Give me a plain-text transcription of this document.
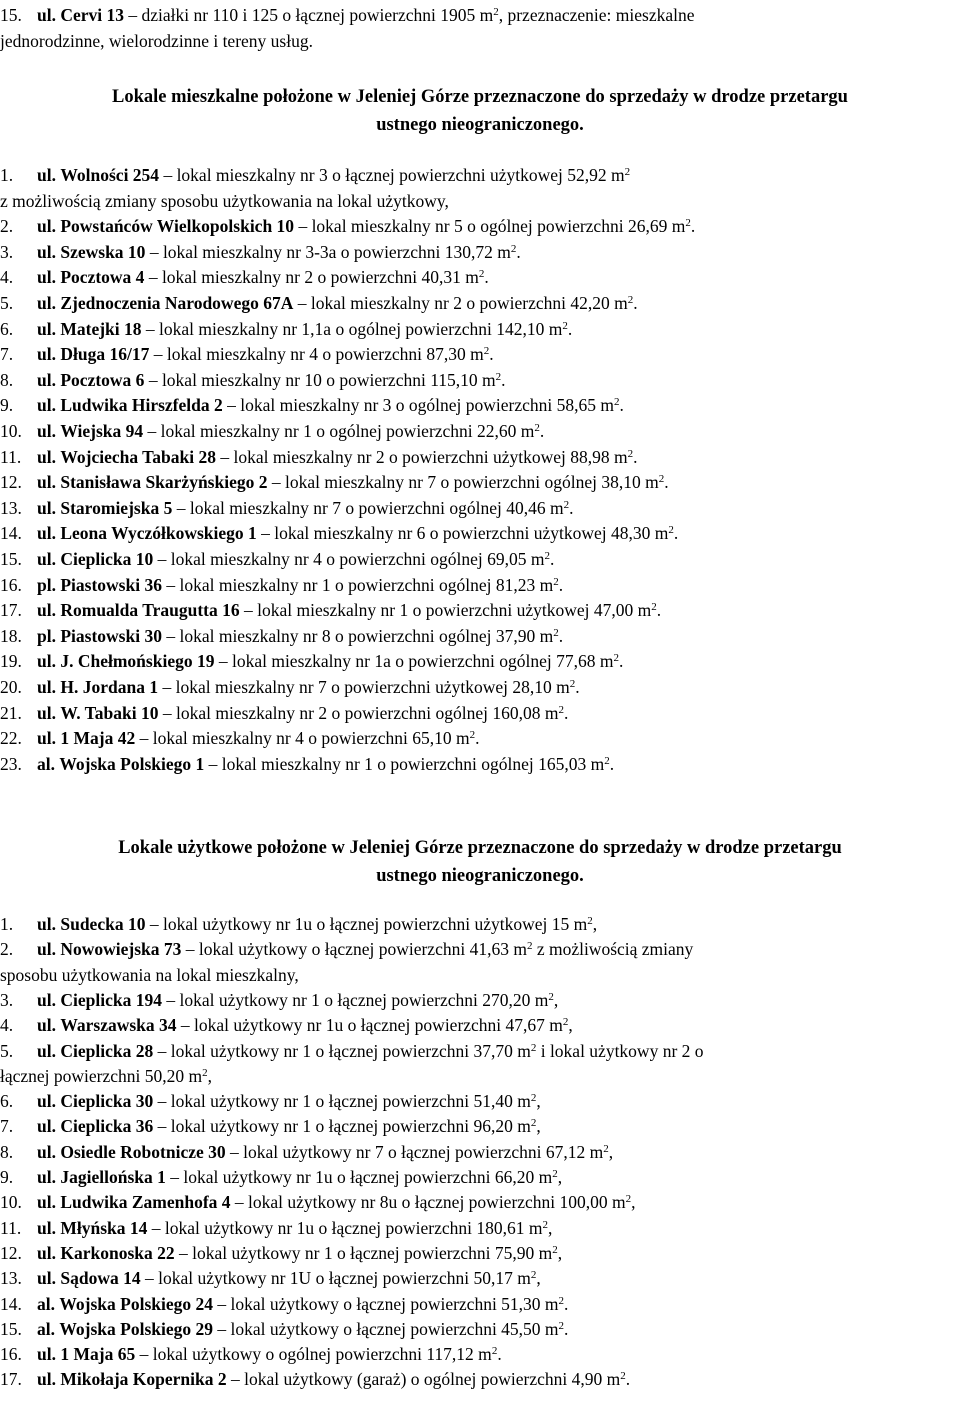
15. ul. Cervi 13 – działki nr 110 i 125 o łącznej powierzchni 1905 $m^2$, przeznaczenie: mieszkalne
jednorodzinne, wielorodzinne i tereny usług.
Lokale mieszkalne położone w Jeleniej Górze przeznaczone do sprzedaży w drodze przetargu
ustnego nieograniczonego.
1. ul. Wolności 254 – lokal mieszkalny nr 3 o łącznej powierzchni użytkowej 52,92 $m^2$
z możliwością zmiany sposobu użytkowania na lokal użytkowy,
2. ul. Powstańców Wielkopolskich 10 – lokal mieszkalny nr 5 o ogólnej powierzchni 26,69 $m^2$.
3. ul. Szewska 10 – lokal mieszkalny nr 3-3a o powierzchni 130,72 $m^2$.
4. ul. Pocztowa 4 – lokal mieszkalny nr 2 o powierzchni 40,31 $m^2$.
5. ul. Zjednoczenia Narodowego 67A – lokal mieszkalny nr 2 o powierzchni 42,20 $m^2$.
6. ul. Matejki 18 – lokal mieszkalny nr 1,1a o ogólnej powierzchni 142,10 $m^2$.
7. ul. Długa 16/17 – lokal mieszkalny nr 4 o powierzchni 87,30 $m^2$.
8. ul. Pocztowa 6 – lokal mieszkalny nr 10 o powierzchni 115,10 $m^2$.
9. ul. Ludwika Hirszfelda 2 – lokal mieszkalny nr 3 o ogólnej powierzchni 58,65 $m^2$.
10. ul. Wiejska 94 – lokal mieszkalny nr 1 o ogólnej powierzchni 22,60 $m^2$.
11. ul. Wojciecha Tabaki 28 – lokal mieszkalny nr 2 o powierzchni użytkowej 88,98 $m^2$.
12. ul. Stanisława Skarżyńskiego 2 – lokal mieszkalny nr 7 o powierzchni ogólnej 38,10 $m^2$.
13. ul. Staromiejska 5 – lokal mieszkalny nr 7 o powierzchni ogólnej 40,46 $m^2$.
14. ul. Leona Wyczółkowskiego 1 – lokal mieszkalny nr 6 o powierzchni użytkowej 48,30 $m^2$.
15. ul. Cieplicka 10 – lokal mieszkalny nr 4 o powierzchni ogólnej 69,05 $m^2$.
16. pl. Piastowski 36 – lokal mieszkalny nr 1 o powierzchni ogólnej 81,23 $m^2$.
17. ul. Romualda Traugutta 16 – lokal mieszkalny nr 1 o powierzchni użytkowej 47,00 $m^2$.
18. pl. Piastowski 30 – lokal mieszkalny nr 8 o powierzchni ogólnej 37,90 $m^2$.
19. ul. J. Chełmońskiego 19 – lokal mieszkalny nr 1a o powierzchni ogólnej 77,68 $m^2$.
20. ul. H. Jordana 1 – lokal mieszkalny nr 7 o powierzchni użytkowej 28,10 $m^2$.
21. ul. W. Tabaki 10 – lokal mieszkalny nr 2 o powierzchni ogólnej 160,08 $m^2$.
22. ul. 1 Maja 42 – lokal mieszkalny nr 4 o powierzchni 65,10 $m^2$.
23. al. Wojska Polskiego 1 – lokal mieszkalny nr 1 o powierzchni ogólnej 165,03 $m^2$.
Lokale użytkowe położone w Jeleniej Górze przeznaczone do sprzedaży w drodze przetargu
ustnego nieograniczonego.
1. ul. Sudecka 10 – lokal użytkowy nr 1u o łącznej powierzchni użytkowej 15 $m^2$,
2. ul. Nowowiejska 73 – lokal użytkowy o łącznej powierzchni 41,63 $m^2$ z możliwością zmiany
sposobu użytkowania na lokal mieszkalny,
3. ul. Cieplicka 194 – lokal użytkowy nr 1 o łącznej powierzchni 270,20 $m^2$,
4. ul. Warszawska 34 – lokal użytkowy nr 1u o łącznej powierzchni 47,67 $m^2$,
5. ul. Cieplicka 28 – lokal użytkowy nr 1 o łącznej powierzchni 37,70 $m^2$ i lokal użytkowy nr 2 o
łącznej powierzchni 50,20 $m^2$,
6. ul. Cieplicka 30 – lokal użytkowy nr 1 o łącznej powierzchni 51,40 $m^2$,
7. ul. Cieplicka 36 – lokal użytkowy nr 1 o łącznej powierzchni 96,20 $m^2$,
8. ul. Osiedle Robotnicze 30 – lokal użytkowy nr 7 o łącznej powierzchni 67,12 $m^2$,
9. ul. Jagiellońska 1 – lokal użytkowy nr 1u o łącznej powierzchni 66,20 $m^2$,
10. ul. Ludwika Zamenhofa 4 – lokal użytkowy nr 8u o łącznej powierzchni 100,00 $m^2$,
11. ul. Młyńska 14 – lokal użytkowy nr 1u o łącznej powierzchni 180,61 $m^2$,
12. ul. Karkonoska 22 – lokal użytkowy nr 1 o łącznej powierzchni 75,90 $m^2$,
13. ul. Sądowa 14 – lokal użytkowy nr 1U o łącznej powierzchni 50,17 $m^2$,
14. al. Wojska Polskiego 24 – lokal użytkowy o łącznej powierzchni 51,30 $m^2$.
15. al. Wojska Polskiego 29 – lokal użytkowy o łącznej powierzchni 45,50 $m^2$.
16. ul. 1 Maja 65 – lokal użytkowy o ogólnej powierzchni 117,12 $m^2$.
17. ul. Mikołaja Kopernika 2 – lokal użytkowy (garaż) o ogólnej powierzchni 4,90 $m^2$.
